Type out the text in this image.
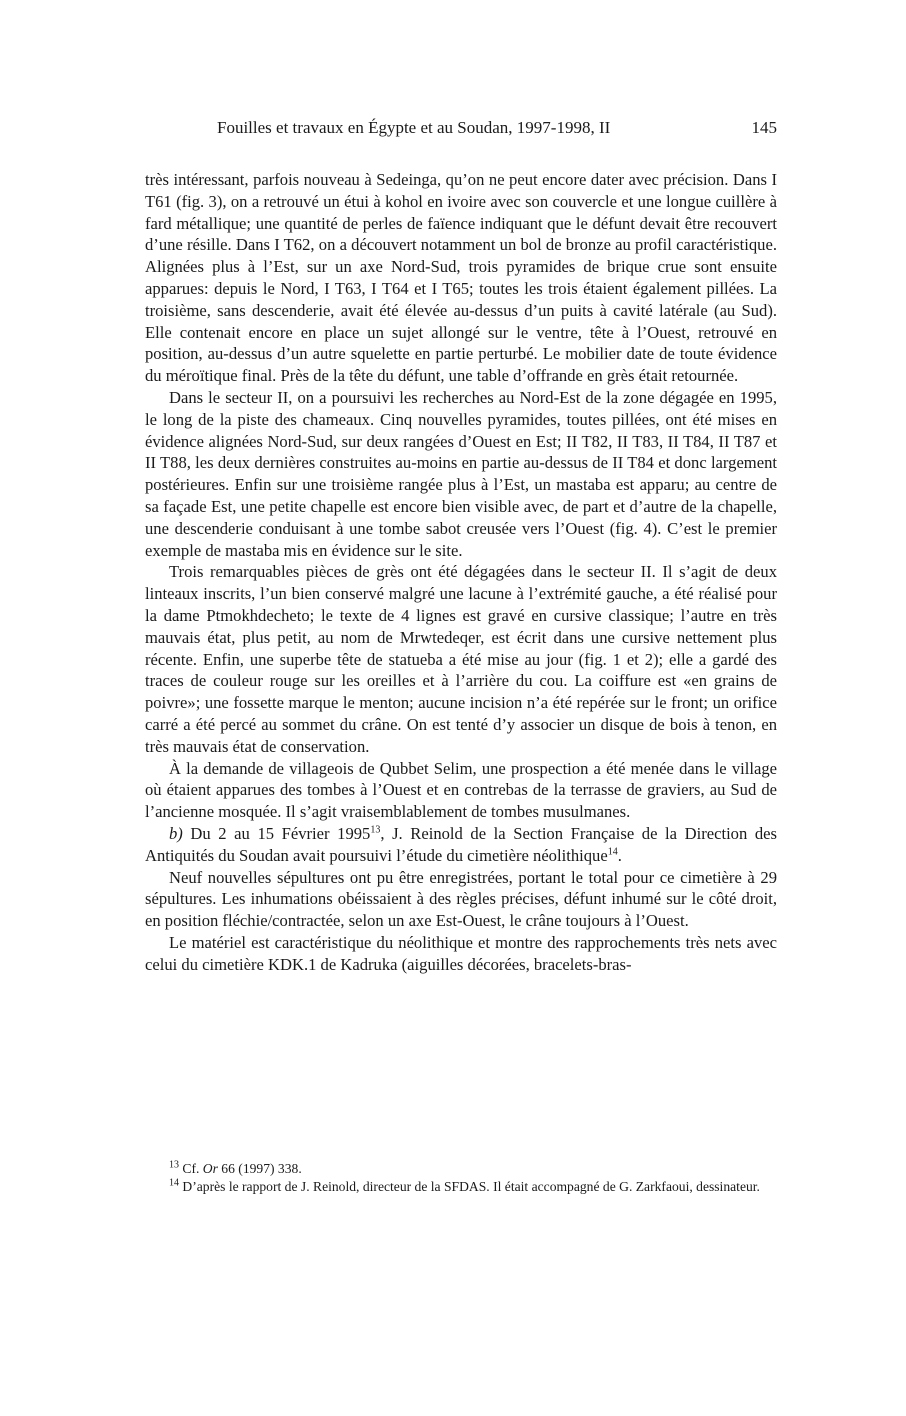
Fouilles et travaux en Égypte et au Soudan, 1997-1998, II	145

très intéressant, parfois nouveau à Sedeinga, qu’on ne peut encore dater avec précision. Dans I T61 (fig. 3), on a retrouvé un étui à kohol en ivoire avec son couvercle et une longue cuillère à fard métallique; une quantité de perles de faïence indiquant que le défunt devait être recouvert d’une résille. Dans I T62, on a découvert notamment un bol de bronze au profil caractéristique. Alignées plus à l’Est, sur un axe Nord-Sud, trois pyramides de brique crue sont ensuite apparues: depuis le Nord, I T63, I T64 et I T65; toutes les trois étaient également pillées. La troisième, sans descenderie, avait été élevée au-dessus d’un puits à cavité latérale (au Sud). Elle contenait encore en place un sujet allongé sur le ventre, tête à l’Ouest, retrouvé en position, au-dessus d’un autre squelette en partie perturbé. Le mobilier date de toute évidence du méroïtique final. Près de la tête du défunt, une table d’offrande en grès était retournée.

Dans le secteur II, on a poursuivi les recherches au Nord-Est de la zone dégagée en 1995, le long de la piste des chameaux. Cinq nouvelles pyramides, toutes pillées, ont été mises en évidence alignées Nord-Sud, sur deux rangées d’Ouest en Est; II T82, II T83, II T84, II T87 et II T88, les deux dernières construites au-moins en partie au-dessus de II T84 et donc largement postérieures. Enfin sur une troisième rangée plus à l’Est, un mastaba est apparu; au centre de sa façade Est, une petite chapelle est encore bien visible avec, de part et d’autre de la chapelle, une descenderie conduisant à une tombe sabot creusée vers l’Ouest (fig. 4). C’est le premier exemple de mastaba mis en évidence sur le site.

Trois remarquables pièces de grès ont été dégagées dans le secteur II. Il s’agit de deux linteaux inscrits, l’un bien conservé malgré une lacune à l’extrémité gauche, a été réalisé pour la dame Ptmokhdecheto; le texte de 4 lignes est gravé en cursive classique; l’autre en très mauvais état, plus petit, au nom de Mrwtedeqer, est écrit dans une cursive nettement plus récente. Enfin, une superbe tête de statueba a été mise au jour (fig. 1 et 2); elle a gardé des traces de couleur rouge sur les oreilles et à l’arrière du cou. La coiffure est «en grains de poivre»; une fossette marque le menton; aucune incision n’a été repérée sur le front; un orifice carré a été percé au sommet du crâne. On est tenté d’y associer un disque de bois à tenon, en très mauvais état de conservation.

À la demande de villageois de Qubbet Selim, une prospection a été menée dans le village où étaient apparues des tombes à l’Ouest et en contrebas de la terrasse de graviers, au Sud de l’ancienne mosquée. Il s’agit vraisemblablement de tombes musulmanes.

b) Du 2 au 15 Février 1995$^{13}$, J. Reinold de la Section Française de la Direction des Antiquités du Soudan avait poursuivi l’étude du cimetière néolithique$^{14}$.

Neuf nouvelles sépultures ont pu être enregistrées, portant le total pour ce cimetière à 29 sépultures. Les inhumations obéissaient à des règles précises, défunt inhumé sur le côté droit, en position fléchie/contractée, selon un axe Est-Ouest, le crâne toujours à l’Ouest.

Le matériel est caractéristique du néolithique et montre des rapprochements très nets avec celui du cimetière KDK.1 de Kadruka (aiguilles décorées, bracelets-bras-

$^{13}$ Cf. Or 66 (1997) 338.

$^{14}$ D’après le rapport de J. Reinold, directeur de la SFDAS. Il était accompagné de G. Zarkfaoui, dessinateur.
